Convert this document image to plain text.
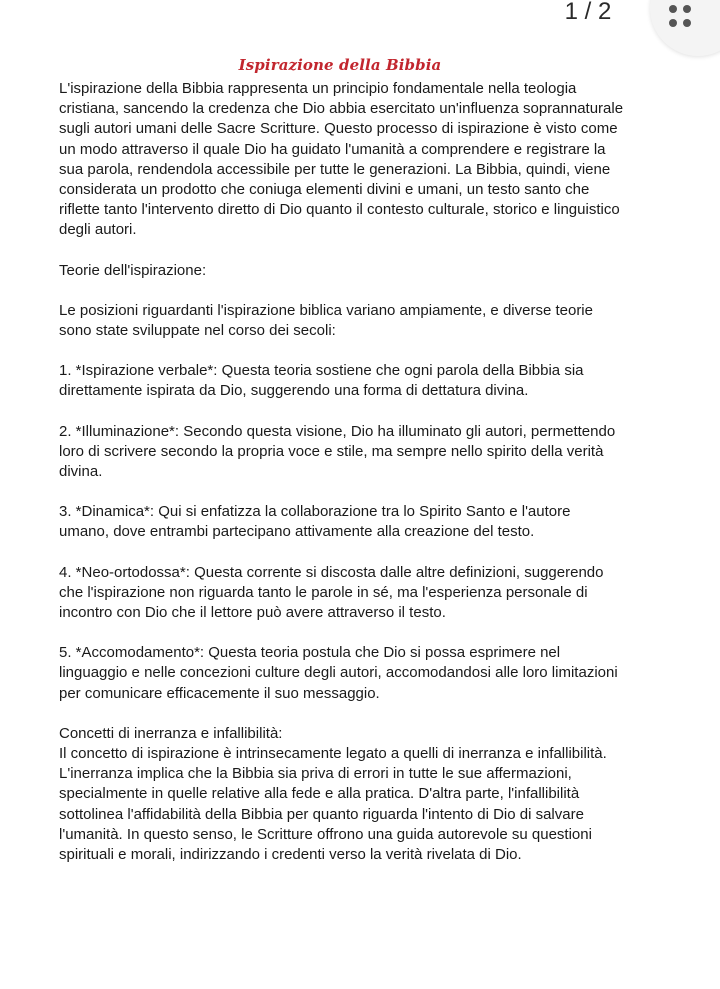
1 / 2
Ispirazione della Bibbia

L'ispirazione della Bibbia rappresenta un principio fondamentale nella teologia
cristiana, sancendo la credenza che Dio abbia esercitato un'influenza soprannaturale
sugli autori umani delle Sacre Scritture. Questo processo di ispirazione è visto come
un modo attraverso il quale Dio ha guidato l'umanità a comprendere e registrare la
sua parola, rendendola accessibile per tutte le generazioni. La Bibbia, quindi, viene
considerata un prodotto che coniuga elementi divini e umani, un testo santo che
riflette tanto l'intervento diretto di Dio quanto il contesto culturale, storico e linguistico
degli autori.

Teorie dell'ispirazione:

Le posizioni riguardanti l'ispirazione biblica variano ampiamente, e diverse teorie
sono state sviluppate nel corso dei secoli:

1. *Ispirazione verbale*: Questa teoria sostiene che ogni parola della Bibbia sia
direttamente ispirata da Dio, suggerendo una forma di dettatura divina.

2. *Illuminazione*: Secondo questa visione, Dio ha illuminato gli autori, permettendo
loro di scrivere secondo la propria voce e stile, ma sempre nello spirito della verità
divina.

3. *Dinamica*: Qui si enfatizza la collaborazione tra lo Spirito Santo e l'autore
umano, dove entrambi partecipano attivamente alla creazione del testo.

4. *Neo-ortodossa*: Questa corrente si discosta dalle altre definizioni, suggerendo
che l'ispirazione non riguarda tanto le parole in sé, ma l'esperienza personale di
incontro con Dio che il lettore può avere attraverso il testo.

5. *Accomodamento*: Questa teoria postula che Dio si possa esprimere nel
linguaggio e nelle concezioni culture degli autori, accomodandosi alle loro limitazioni
per comunicare efficacemente il suo messaggio.

Concetti di inerranza e infallibilità:

Il concetto di ispirazione è intrinsecamente legato a quelli di inerranza e infallibilità.
L'inerranza implica che la Bibbia sia priva di errori in tutte le sue affermazioni,
specialmente in quelle relative alla fede e alla pratica. D'altra parte, l'infallibilità
sottolinea l'affidabilità della Bibbia per quanto riguarda l'intento di Dio di salvare
l'umanità. In questo senso, le Scritture offrono una guida autorevole su questioni
spirituali e morali, indirizzando i credenti verso la verità rivelata di Dio.
